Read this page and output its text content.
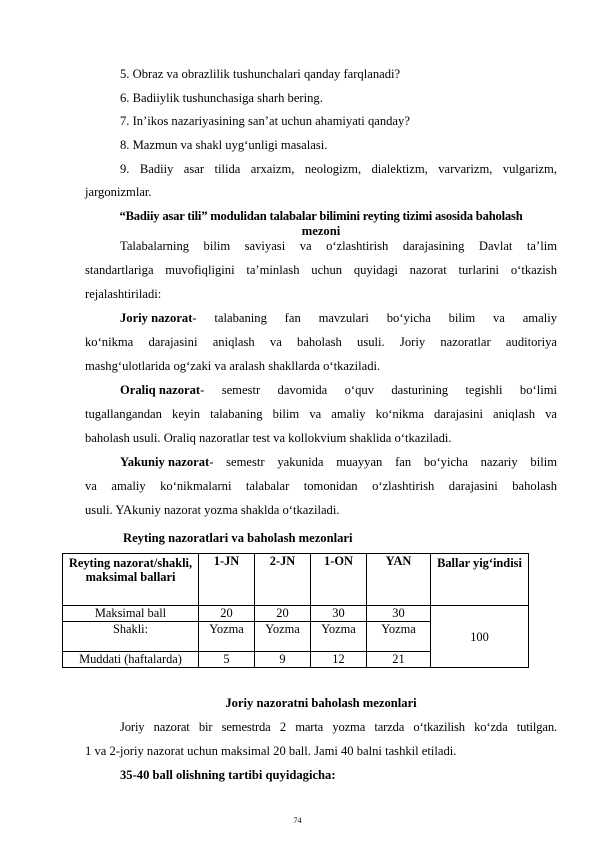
5. Obraz va obrazlilik tushunchalari qanday farqlanadi?
6. Badiiylik tushunchasiga sharh bering.
7. In’ikos nazariyasining san’at uchun ahamiyati qanday?
8. Mazmun va shakl uyg‘unligi masalasi.
9. Badiiy asar tilida arxaizm, neologizm, dialektizm, varvarizm, vulgarizm,
jargonizmlar.
“Badiiy asar tili” modulidan talabalar bilimini reyting tizimi asosida baholash
mezoni
Talabalarning bilim saviyasi va o‘zlashtirish darajasining Davlat ta’lim
standartlariga muvofiqligini ta’minlash uchun quyidagi nazorat turlarini o‘tkazish
rejalashtiriladi:
Joriy nazorat - talabaning fan mavzulari bo‘yicha bilim va amaliy
ko‘nikma darajasini aniqlash va baholash usuli. Joriy nazoratlar auditoriya
mashg‘ulotlarida og‘zaki va aralash shakllarda o‘tkaziladi.
Oraliq nazorat - semestr davomida o‘quv dasturining tegishli bo‘limi
tugallangandan keyin talabaning bilim va amaliy ko‘nikma darajasini aniqlash va
baholash usuli. Oraliq nazoratlar test va kollokvium shaklida o‘tkaziladi.
Yakuniy nazorat - semestr yakunida muayyan fan bo‘yicha nazariy bilim
va amaliy ko‘nikmalarni talabalar tomonidan o‘zlashtirish darajasini baholash
usuli. YAkuniy nazorat yozma shaklda o‘tkaziladi.
Reyting nazoratlari va baholash mezonlari
Reyting nazorat/shakli, maksimal ballari	1-JN	2-JN	1-ON	YAN	Ballar yig‘indisi
Maksimal ball	20	20	30	30	100
Shakli:	Yozma	Yozma	Yozma	Yozma	
Muddati (haftalarda)	5	9	12	21	
Joriy nazoratni baholash mezonlari
Joriy nazorat bir semestrda 2 marta yozma tarzda o‘tkazilish ko‘zda tutilgan.
1 va 2-joriy nazorat uchun maksimal 20 ball. Jami 40 balni tashkil etiladi.
35-40 ball olishning tartibi quyidagicha:
74
